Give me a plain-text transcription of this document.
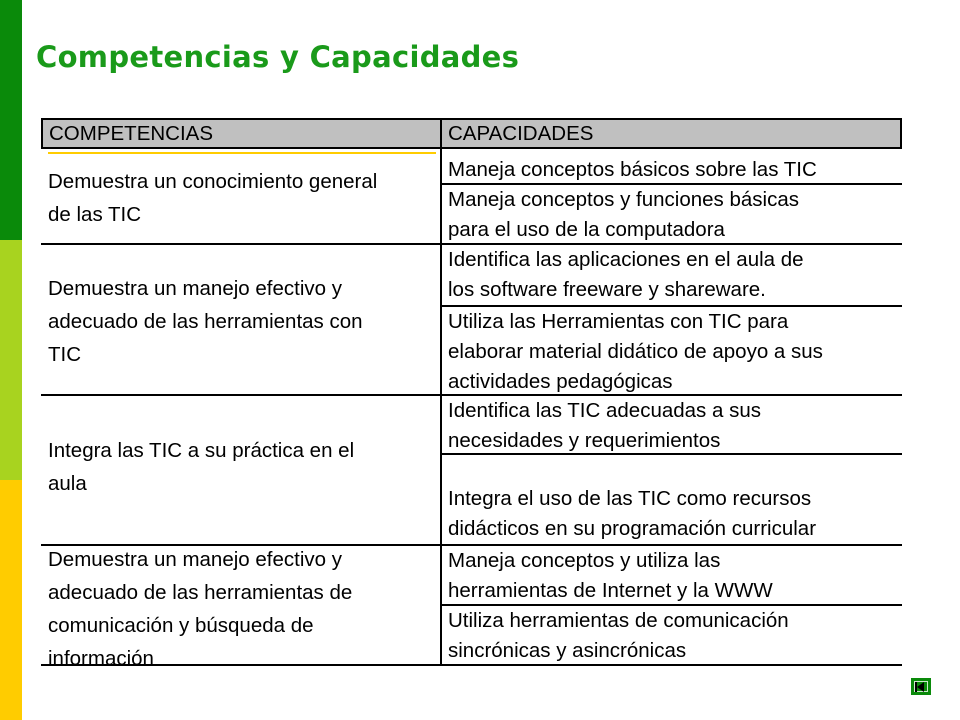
Competencias y Capacidades
COMPETENCIAS	CAPACIDADES
Demuestra un conocimiento general
de las TIC
Demuestra un manejo efectivo y
adecuado de las herramientas con
TIC
Integra las TIC a su práctica en el
aula
Demuestra un manejo efectivo y
adecuado de las herramientas de
comunicación y búsqueda de
información
Maneja conceptos básicos sobre las TIC
Maneja conceptos y funciones básicas
para el uso de la computadora
Identifica las aplicaciones en el aula de
los software freeware y shareware.
Utiliza las Herramientas con TIC para
elaborar material didático de apoyo a sus
actividades pedagógicas
Identifica las TIC adecuadas a sus
necesidades y requerimientos
Integra el uso de las TIC como recursos
didácticos en su programación curricular
Maneja conceptos y utiliza las
herramientas de Internet y la WWW
Utiliza herramientas de comunicación
sincrónicas y asincrónicas
